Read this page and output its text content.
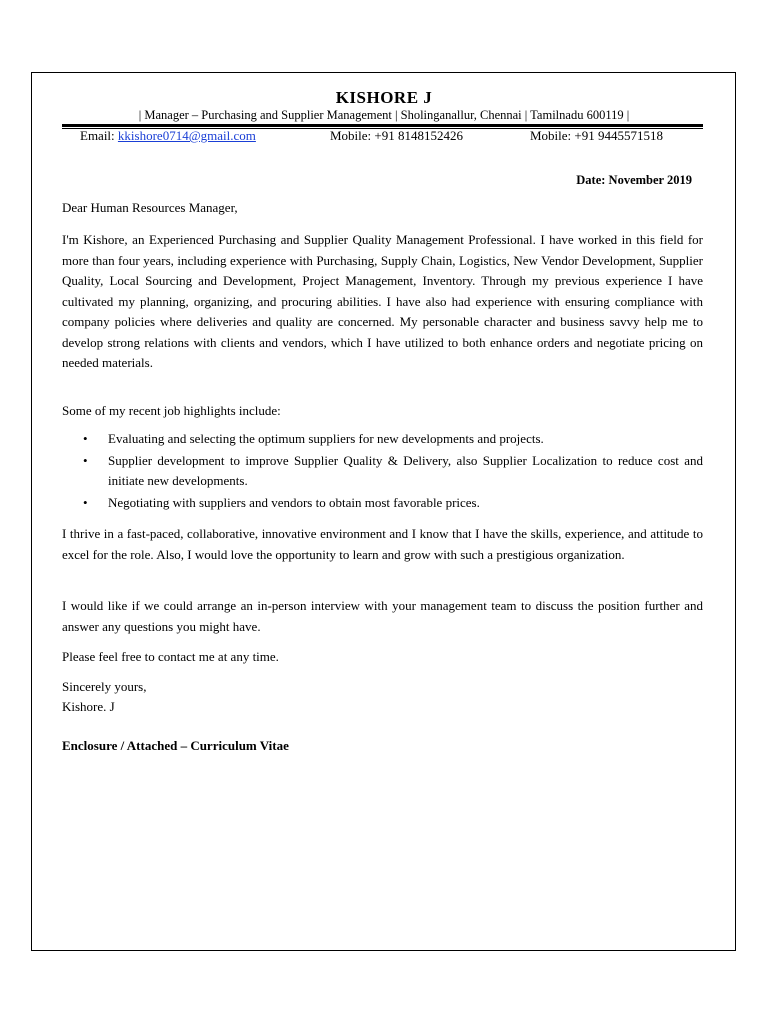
KISHORE J
| Manager – Purchasing and Supplier Management | Sholinganallur, Chennai | Tamilnadu 600119 |
Email: kkishore0714@gmail.com	Mobile: +91 8148152426	Mobile: +91 9445571518
Date: November 2019
Dear Human Resources Manager,
I'm Kishore, an Experienced Purchasing and Supplier Quality Management Professional. I have worked in this field for more than four years, including experience with Purchasing, Supply Chain, Logistics, New Vendor Development, Supplier Quality, Local Sourcing and Development, Project Management, Inventory. Through my previous experience I have cultivated my planning, organizing, and procuring abilities. I have also had experience with ensuring compliance with company policies where deliveries and quality are concerned. My personable character and business savvy help me to develop strong relations with clients and vendors, which I have utilized to both enhance orders and negotiate pricing on needed materials.
Some of my recent job highlights include:
• Evaluating and selecting the optimum suppliers for new developments and projects.
• Supplier development to improve Supplier Quality & Delivery, also Supplier Localization to reduce cost and initiate new developments.
• Negotiating with suppliers and vendors to obtain most favorable prices.
I thrive in a fast-paced, collaborative, innovative environment and I know that I have the skills, experience, and attitude to excel for the role. Also, I would love the opportunity to learn and grow with such a prestigious organization.
I would like if we could arrange an in-person interview with your management team to discuss the position further and answer any questions you might have.
Please feel free to contact me at any time.
Sincerely yours,
Kishore. J
Enclosure / Attached – Curriculum Vitae
